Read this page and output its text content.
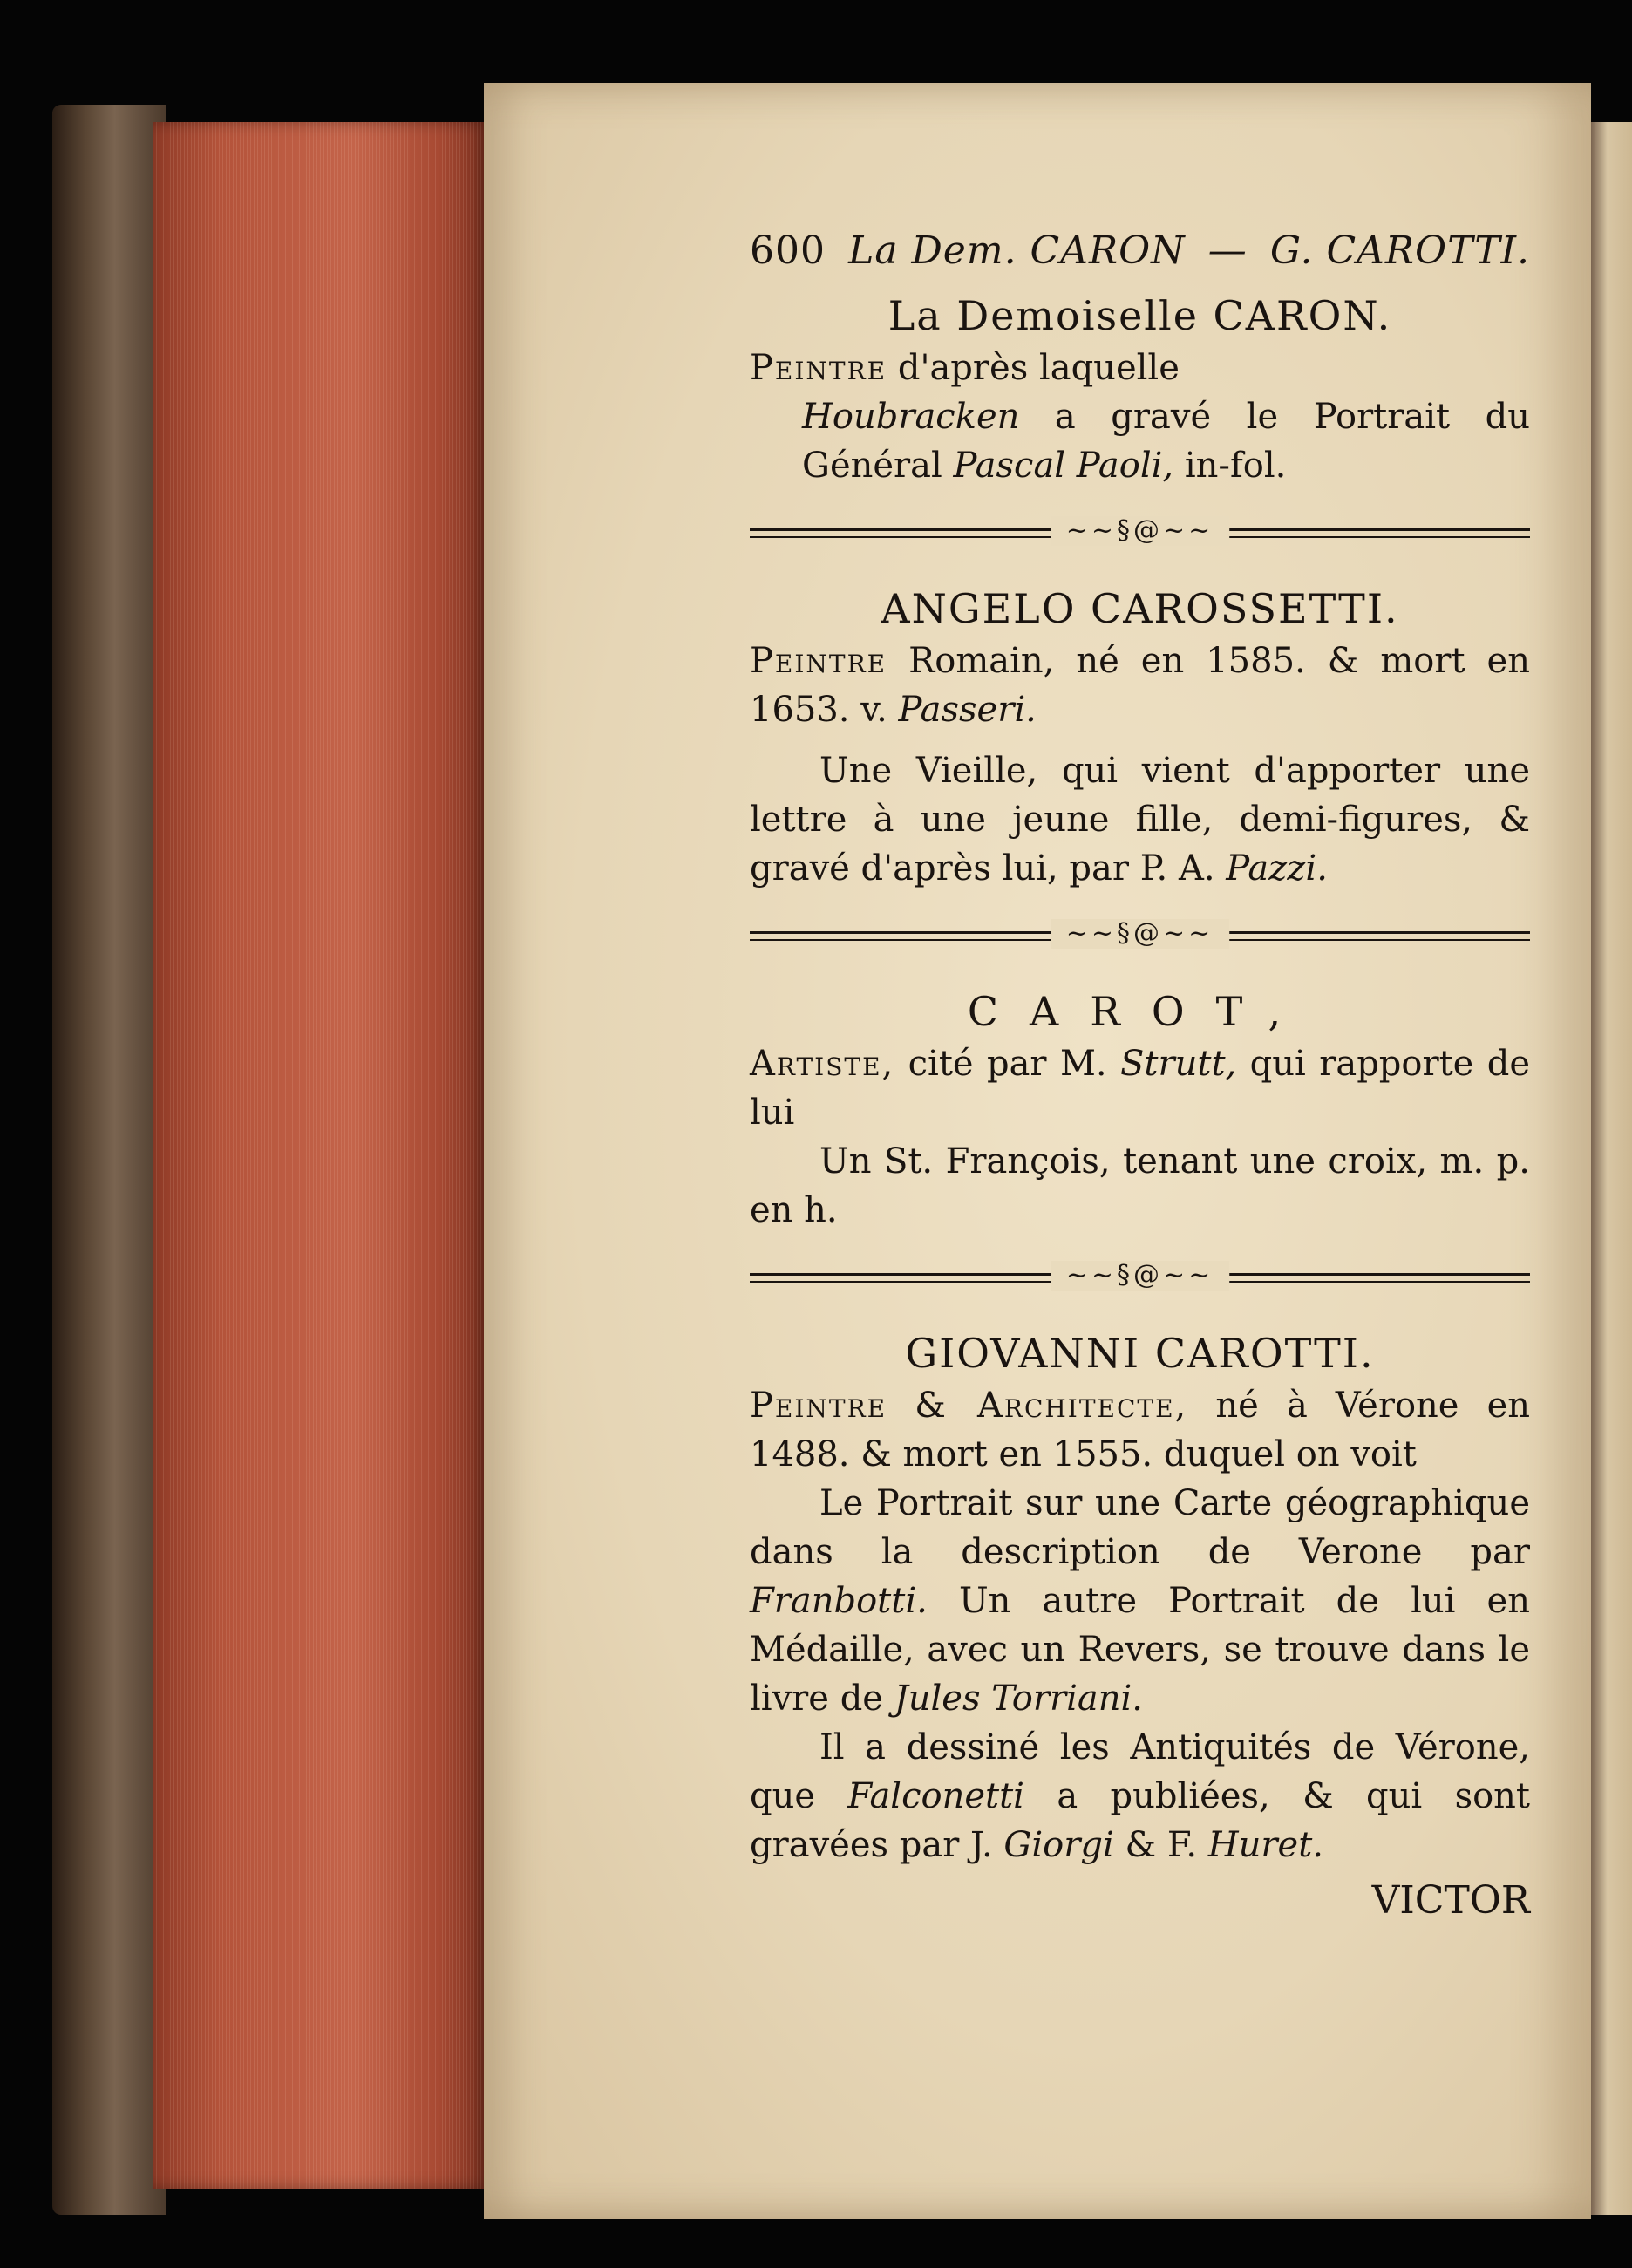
600 La Dem. CARON — G. CAROTTI.
La Demoiselle CARON.
Peintre d'après laquelle
Houbracken a gravé le Portrait du Général Pascal Paoli, in-fol.
~~§@~~
ANGELO CAROSSETTI.
Peintre Romain, né en 1585. & mort en 1653. v. Passeri.
Une Vieille, qui vient d'apporter une lettre à une jeune fille, demi-figures, & gravé d'après lui, par P. A. Pazzi.
~~§@~~
CAROT,
Artiste, cité par M. Strutt, qui rapporte de lui
Un St. François, tenant une croix, m. p. en h.
~~§@~~
GIOVANNI CAROTTI.
Peintre & Architecte, né à Vérone en 1488. & mort en 1555. duquel on voit
Le Portrait sur une Carte géographique dans la description de Verone par Franbotti. Un autre Portrait de lui en Médaille, avec un Revers, se trouve dans le livre de Jules Torriani.
Il a dessiné les Antiquités de Vérone, que Falconetti a publiées, & qui sont gravées par J. Giorgi & F. Huret.
VICTOR
